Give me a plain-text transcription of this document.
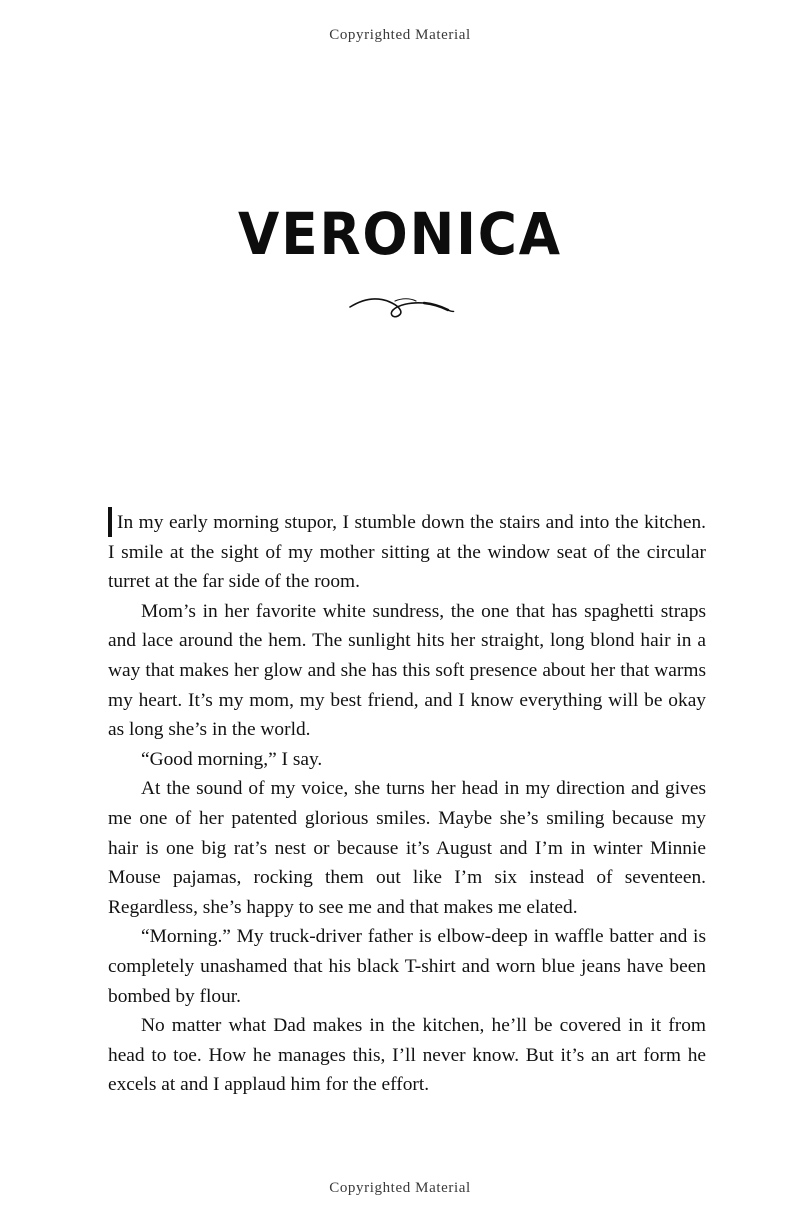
Copyrighted Material
VERONICA

In my early morning stupor, I stumble down the stairs and into the kitchen. I smile at the sight of my mother sitting at the window seat of the circular turret at the far side of the room.

Mom’s in her favorite white sundress, the one that has spaghetti straps and lace around the hem. The sunlight hits her straight, long blond hair in a way that makes her glow and she has this soft presence about her that warms my heart. It’s my mom, my best friend, and I know everything will be okay as long she’s in the world.

“Good morning,” I say.

At the sound of my voice, she turns her head in my direction and gives me one of her patented glorious smiles. Maybe she’s smiling because my hair is one big rat’s nest or because it’s August and I’m in winter Minnie Mouse pajamas, rocking them out like I’m six instead of seventeen. Regardless, she’s happy to see me and that makes me elated.

“Morning.” My truck-driver father is elbow-deep in waffle batter and is completely unashamed that his black T-shirt and worn blue jeans have been bombed by flour.

No matter what Dad makes in the kitchen, he’ll be covered in it from head to toe. How he manages this, I’ll never know. But it’s an art form he excels at and I applaud him for the effort.

Copyrighted Material
